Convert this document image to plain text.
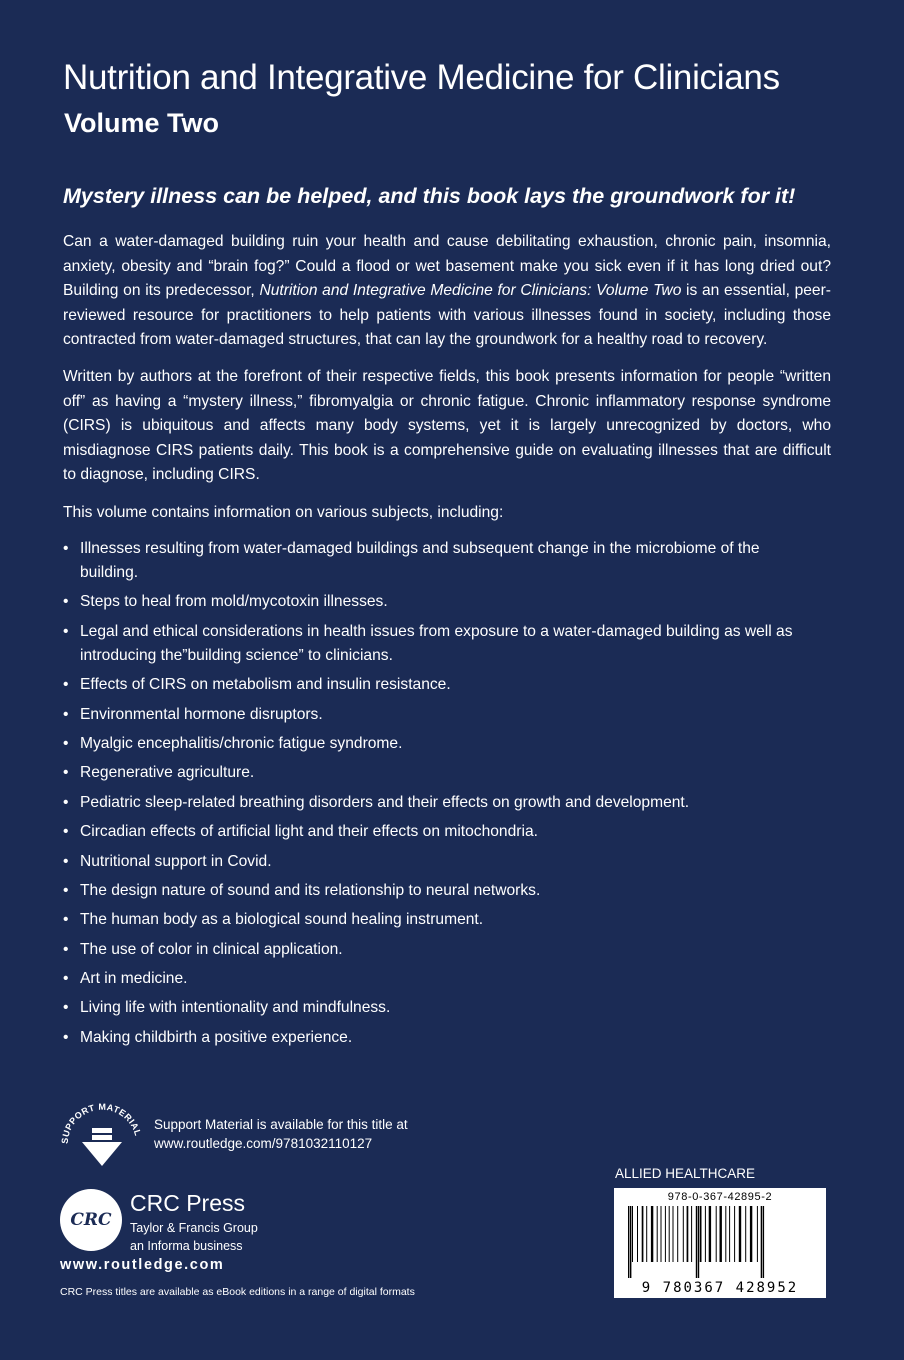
Nutrition and Integrative Medicine for Clinicians
Volume Two

Mystery illness can be helped, and this book lays the groundwork for it!

Can a water-damaged building ruin your health and cause debilitating exhaustion, chronic pain, insomnia, anxiety, obesity and “brain fog?” Could a flood or wet basement make you sick even if it has long dried out? Building on its predecessor, Nutrition and Integrative Medicine for Clinicians: Volume Two is an essential, peer-reviewed resource for practitioners to help patients with various illnesses found in society, including those contracted from water-damaged structures, that can lay the groundwork for a healthy road to recovery.

Written by authors at the forefront of their respective fields, this book presents information for people “written off” as having a “mystery illness,” fibromyalgia or chronic fatigue. Chronic inflammatory response syndrome (CIRS) is ubiquitous and affects many body systems, yet it is largely unrecognized by doctors, who misdiagnose CIRS patients daily. This book is a comprehensive guide on evaluating illnesses that are difficult to diagnose, including CIRS.

This volume contains information on various subjects, including:

• Illnesses resulting from water-damaged buildings and subsequent change in the microbiome of the building.
• Steps to heal from mold/mycotoxin illnesses.
• Legal and ethical considerations in health issues from exposure to a water-damaged building as well as introducing the”building science” to clinicians.
• Effects of CIRS on metabolism and insulin resistance.
• Environmental hormone disruptors.
• Myalgic encephalitis/chronic fatigue syndrome.
• Regenerative agriculture.
• Pediatric sleep-related breathing disorders and their effects on growth and development.
• Circadian effects of artificial light and their effects on mitochondria.
• Nutritional support in Covid.
• The design nature of sound and its relationship to neural networks.
• The human body as a biological sound healing instrument.
• The use of color in clinical application.
• Art in medicine.
• Living life with intentionality and mindfulness.
• Making childbirth a positive experience.
SUPPORT MATERIAL
Support Material is available for this title at
www.routledge.com/9781032110127
CRC
CRC Press
Taylor & Francis Group
an Informa business
www.routledge.com
CRC Press titles are available as eBook editions in a range of digital formats
ALLIED HEALTHCARE
978-0-367-42895-2
9 780367 428952
